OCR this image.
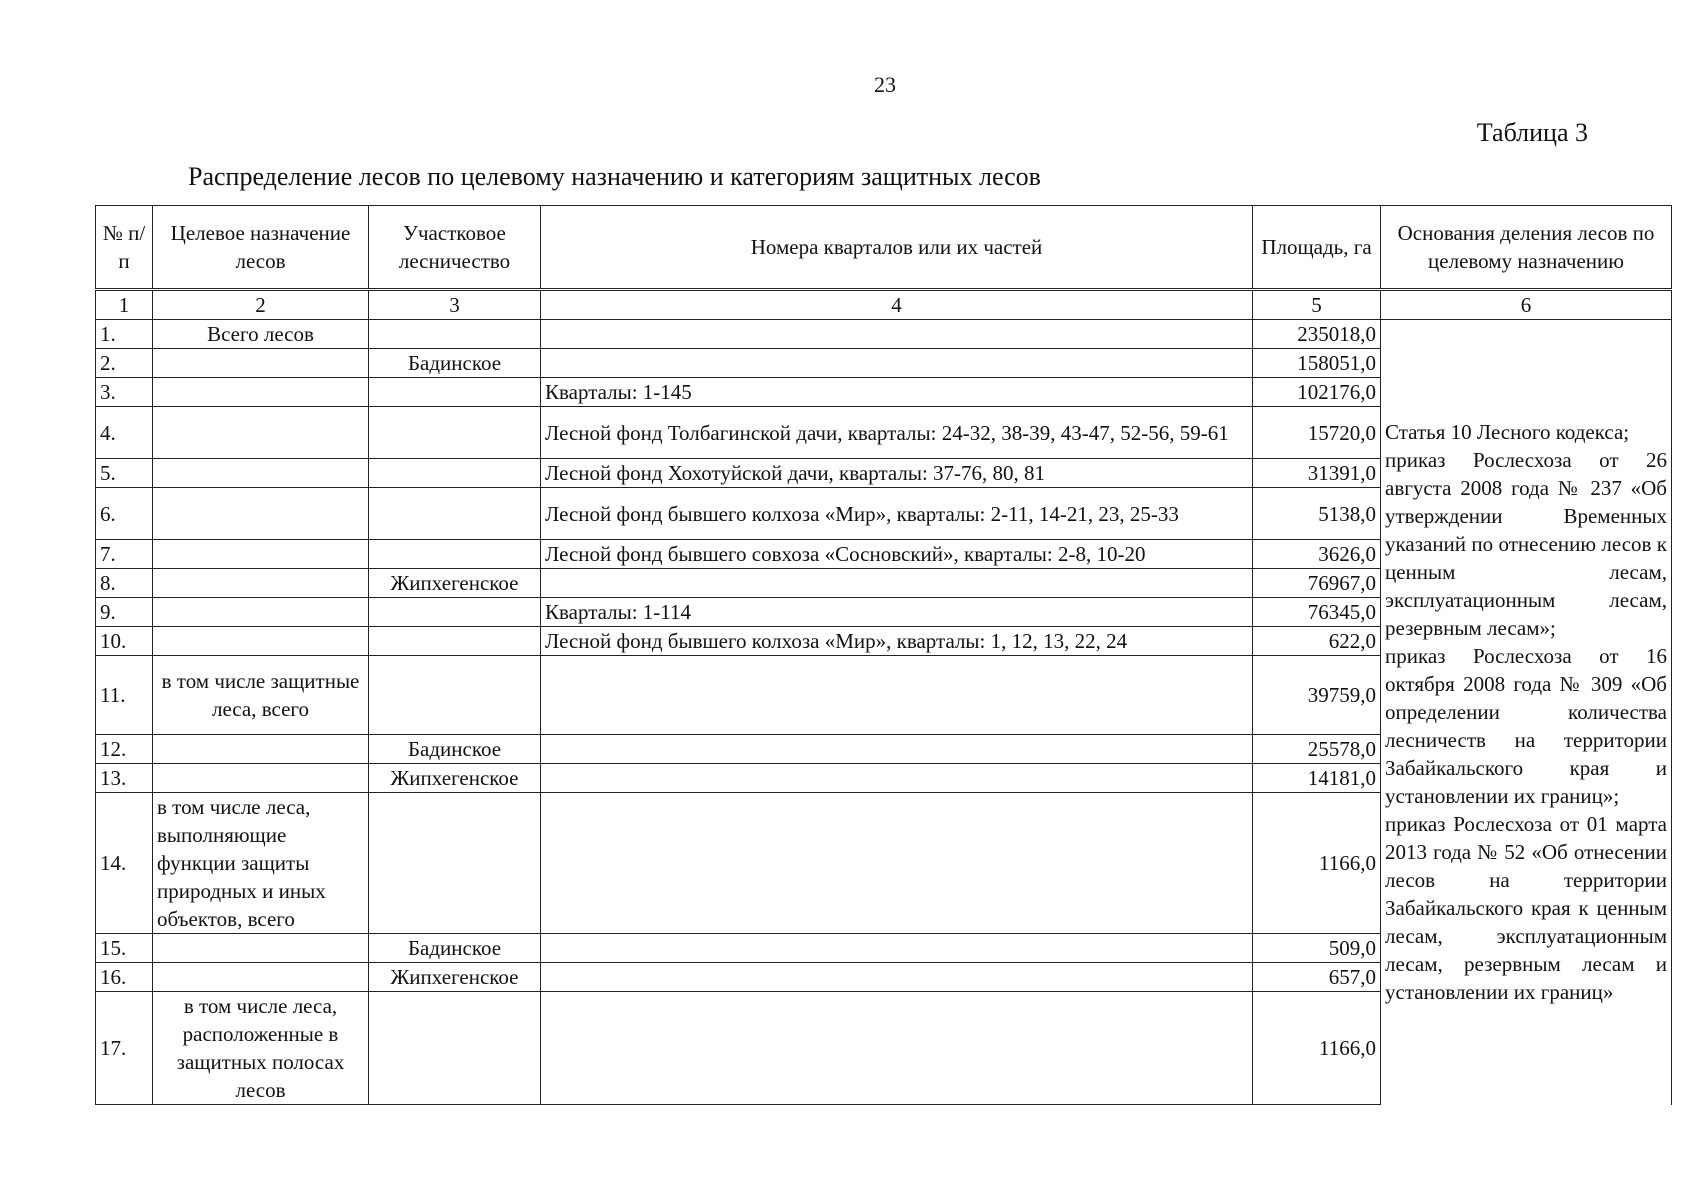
23
Таблица 3
Распределение лесов по целевому назначению и категориям защитных лесов
№ п/п	Целевое назначение лесов	Участковое лесничество	Номера кварталов или их частей	Площадь, га	Основания деления лесов по целевому назначению
1	2	3	4	5	6
1.	Всего лесов			235018,0	Статья 10 Лесного кодекса;
приказ Рослесхоза от 26 августа 2008 года № 237 «Об утверждении Временных указаний по отнесению лесов к ценным лесам, эксплуатационным лесам, резервным лесам»;
приказ Рослесхоза от 16 октября 2008 года № 309 «Об определении количества лесничеств на территории Забайкальского края и установлении их границ»;
приказ Рослесхоза от 01 марта 2013 года № 52 «Об отнесении лесов на территории Забайкальского края к ценным лесам, эксплуатационным лесам, резервным лесам и установлении их границ»

2.		Бадинское		158051,0	
3.			Кварталы: 1-145	102176,0	
4.			Лесной фонд Толбагинской дачи, кварталы: 24-32, 38-39, 43-47, 52-56, 59-61	15720,0	
5.			Лесной фонд Хохотуйской дачи, кварталы: 37-76, 80, 81	31391,0	
6.			Лесной фонд бывшего колхоза «Мир», кварталы: 2-11, 14-21, 23, 25-33	5138,0	
7.			Лесной фонд бывшего совхоза «Сосновский», кварталы: 2-8, 10-20	3626,0	
8.		Жипхегенское		76967,0	
9.			Кварталы: 1-114	76345,0	
10.			Лесной фонд бывшего колхоза «Мир», кварталы: 1, 12, 13, 22, 24	622,0	
11.	в том числе защитные леса, всего			39759,0	
12.		Бадинское		25578,0	
13.		Жипхегенское		14181,0	
14.	в том числе леса, выполняющие функции защиты природных и иных объектов, всего			1166,0	
15.		Бадинское		509,0	
16.		Жипхегенское		657,0	
17.	в том числе леса, расположенные в защитных полосах лесов			1166,0	
